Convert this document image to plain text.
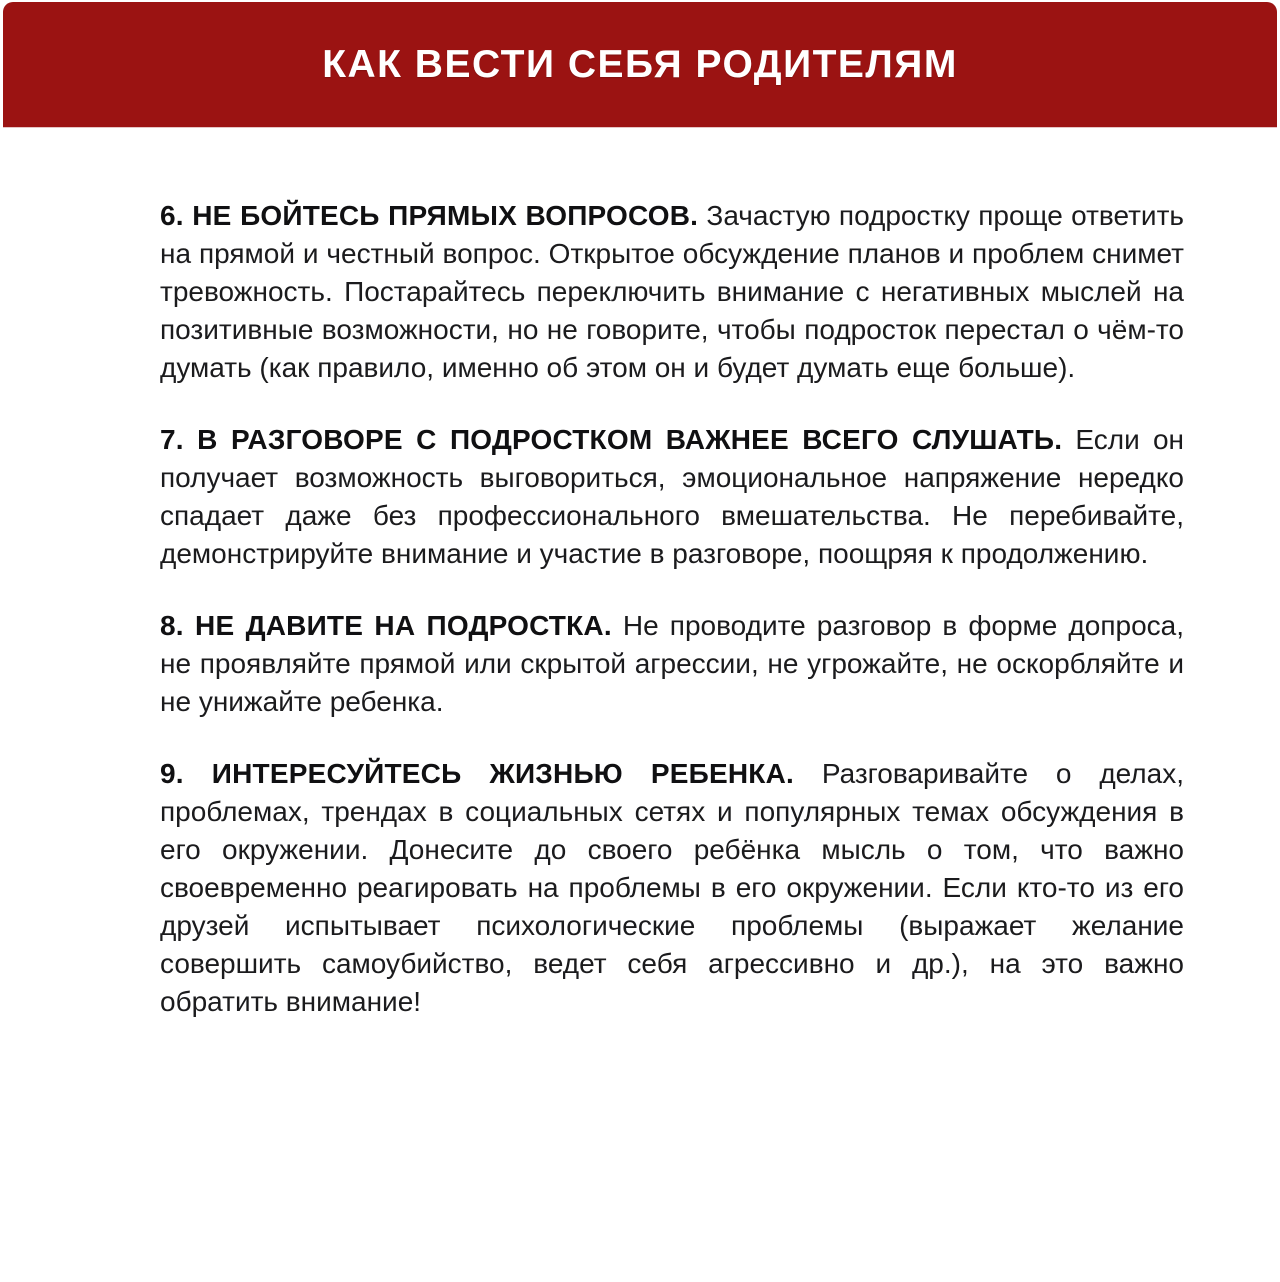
КАК ВЕСТИ СЕБЯ РОДИТЕЛЯМ

6. НЕ БОЙТЕСЬ ПРЯМЫХ ВОПРОСОВ. Зачастую подростку проще ответить на прямой и честный вопрос. Открытое обсуждение планов и проблем снимет тревожность. Постарайтесь переключить внимание с негативных мыслей на позитивные возможности, но не говорите, чтобы подросток перестал о чём-то думать (как правило, именно об этом он и будет думать еще больше).

7. В РАЗГОВОРЕ С ПОДРОСТКОМ ВАЖНЕЕ ВСЕГО СЛУШАТЬ. Если он получает возможность выговориться, эмоциональное напряжение нередко спадает даже без профессионального вмешательства. Не перебивайте, демонстрируйте внимание и участие в разговоре, поощряя к продолжению.

8. НЕ ДАВИТЕ НА ПОДРОСТКА. Не проводите разговор в форме допроса, не проявляйте прямой или скрытой агрессии, не угрожайте, не оскорбляйте и не унижайте ребенка.

9. ИНТЕРЕСУЙТЕСЬ ЖИЗНЬЮ РЕБЕНКА. Разговаривайте о делах, проблемах, трендах в социальных сетях и популярных темах обсуждения в его окружении. Донесите до своего ребёнка мысль о том, что важно своевременно реагировать на проблемы в его окружении. Если кто-то из его друзей испытывает психологические проблемы (выражает желание совершить самоубийство, ведет себя агрессивно и др.), на это важно обратить внимание!
